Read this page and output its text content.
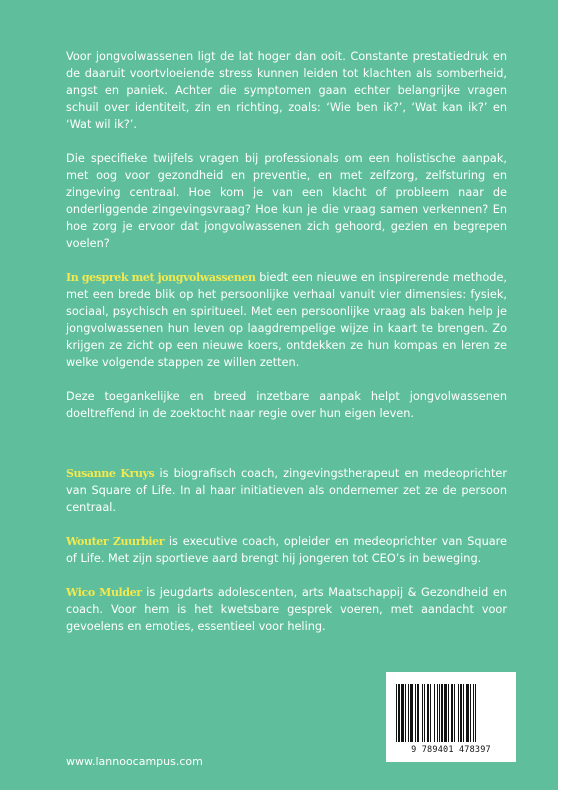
Voor jongvolwassenen ligt de lat hoger dan ooit. Constante prestatiedruk en de daaruit voortvloeiende stress kunnen leiden tot klachten als somberheid, angst en paniek. Achter die symptomen gaan echter belangrijke vragen schuil over identiteit, zin en richting, zoals: ‘Wie ben ik?’, ‘Wat kan ik?’ en ‘Wat wil ik?’.

Die specifieke twijfels vragen bij professionals om een holistische aanpak, met oog voor gezondheid en preventie, en met zelfzorg, zelfsturing en zingeving centraal. Hoe kom je van een klacht of probleem naar de onderliggende zingevingsvraag? Hoe kun je die vraag samen verkennen? En hoe zorg je ervoor dat jongvolwassenen zich gehoord, gezien en begrepen voelen?

In gesprek met jongvolwassenen biedt een nieuwe en inspirerende methode, met een brede blik op het persoonlijke verhaal vanuit vier dimensies: fysiek, sociaal, psychisch en spiritueel. Met een persoonlijke vraag als baken help je jongvolwassenen hun leven op laagdrempelige wijze in kaart te brengen. Zo krijgen ze zicht op een nieuwe koers, ontdekken ze hun kompas en leren ze welke volgende stappen ze willen zetten.

Deze toegankelijke en breed inzetbare aanpak helpt jongvolwassenen doeltreffend in de zoektocht naar regie over hun eigen leven.

Susanne Kruys is biografisch coach, zingevingstherapeut en medeoprichter van Square of Life. In al haar initiatieven als ondernemer zet ze de persoon centraal.

Wouter Zuurbier is executive coach, opleider en medeoprichter van Square of Life. Met zijn sportieve aard brengt hij jongeren tot CEO’s in beweging.

Wico Mulder is jeugdarts adolescenten, arts Maatschappij & Gezondheid en coach. Voor hem is het kwetsbare gesprek voeren, met aandacht voor gevoelens en emoties, essentieel voor heling.

9 789401 478397
www.lannoocampus.com
